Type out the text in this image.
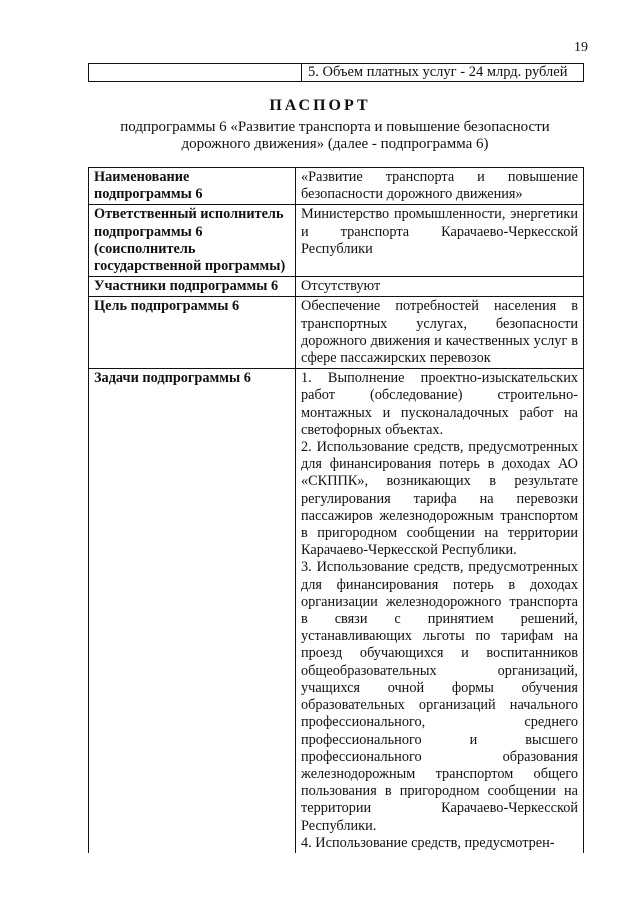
19
	5. Объем платных услуг - 24 млрд. рублей
ПАСПОРТ
подпрограммы 6 «Развитие транспорта и повышение безопасности дорожного движения» (далее - подпрограмма 6)
Наименование подпрограммы 6	«Развитие транспорта и повышение безопасности дорожного движения»
Ответственный исполнитель подпрограммы 6 (соисполнитель государственной программы)	Министерство промышленности, энергетики и транспорта Карачаево-Черкесской Республики
Участники подпрограммы 6	Отсутствуют
Цель подпрограммы 6	Обеспечение потребностей населения в транспортных услугах, безопасности дорожного движения и качественных услуг в сфере пассажирских перевозок
Задачи подпрограммы 6	1. Выполнение проектно-изыскательских работ (обследование) строительно-монтажных и пусконаладочных работ на светофорных объектах.

2. Использование средств, предусмотренных для финансирования потерь в доходах АО «СКППК», возникающих в результате регулирования тарифа на перевозки пассажиров железнодорожным транспортом в пригородном сообщении на территории Карачаево-Черкесской Республики.

3. Использование средств, предусмотренных для финансирования потерь в доходах организации железнодорожного транспорта в связи с принятием решений, устанавливающих льготы по тарифам на проезд обучающихся и воспитанников общеобразовательных организаций, учащихся очной формы обучения образовательных организаций начального профессионального, среднего профессионального и высшего профессионального образования железнодорожным транспортом общего пользования в пригородном сообщении на территории Карачаево-Черкесской Республики.

4. Использование средств, предусмотрен-
